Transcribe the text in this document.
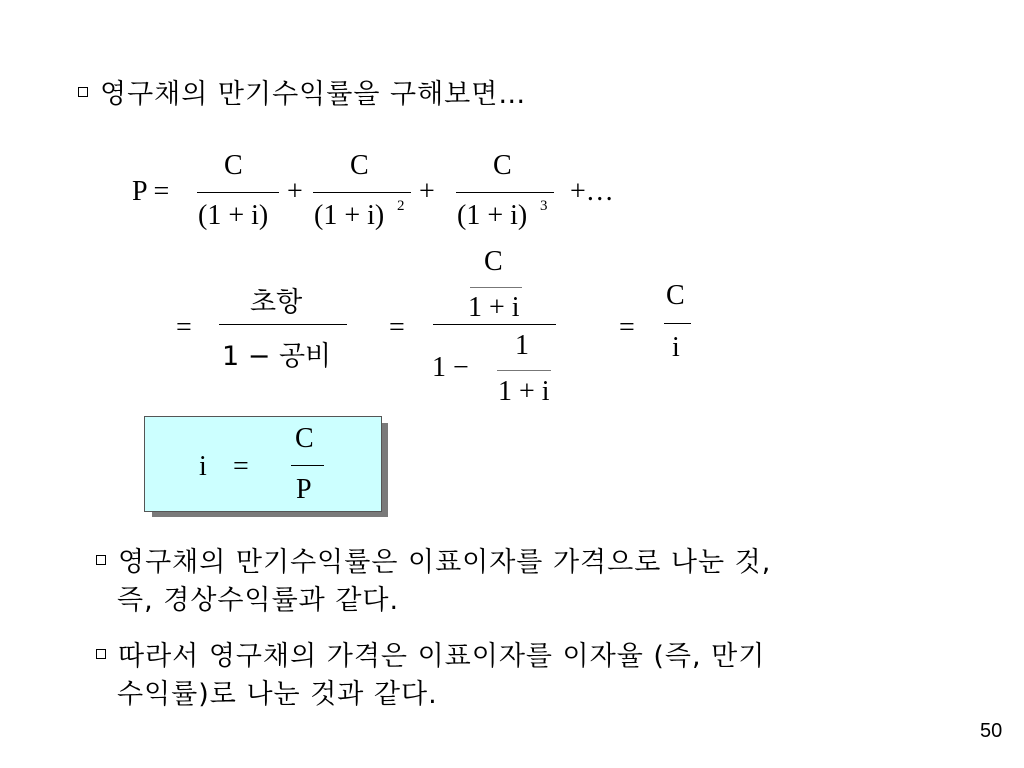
영구채의 만기수익률을 구해보면…
P =
C
(1 + i)
+
C
(1 + i) 2 +
C
(1 + i) 3 +…
=
초항
1 − 공비
=
C
1 + i
1 −
1
1 + i
=
C
i
i =
C
P
영구채의 만기수익률은 이표이자를 가격으로 나눈 것,
즉, 경상수익률과 같다.
따라서 영구채의 가격은 이표이자를 이자율 (즉, 만기
수익률)로 나눈 것과 같다.
50
